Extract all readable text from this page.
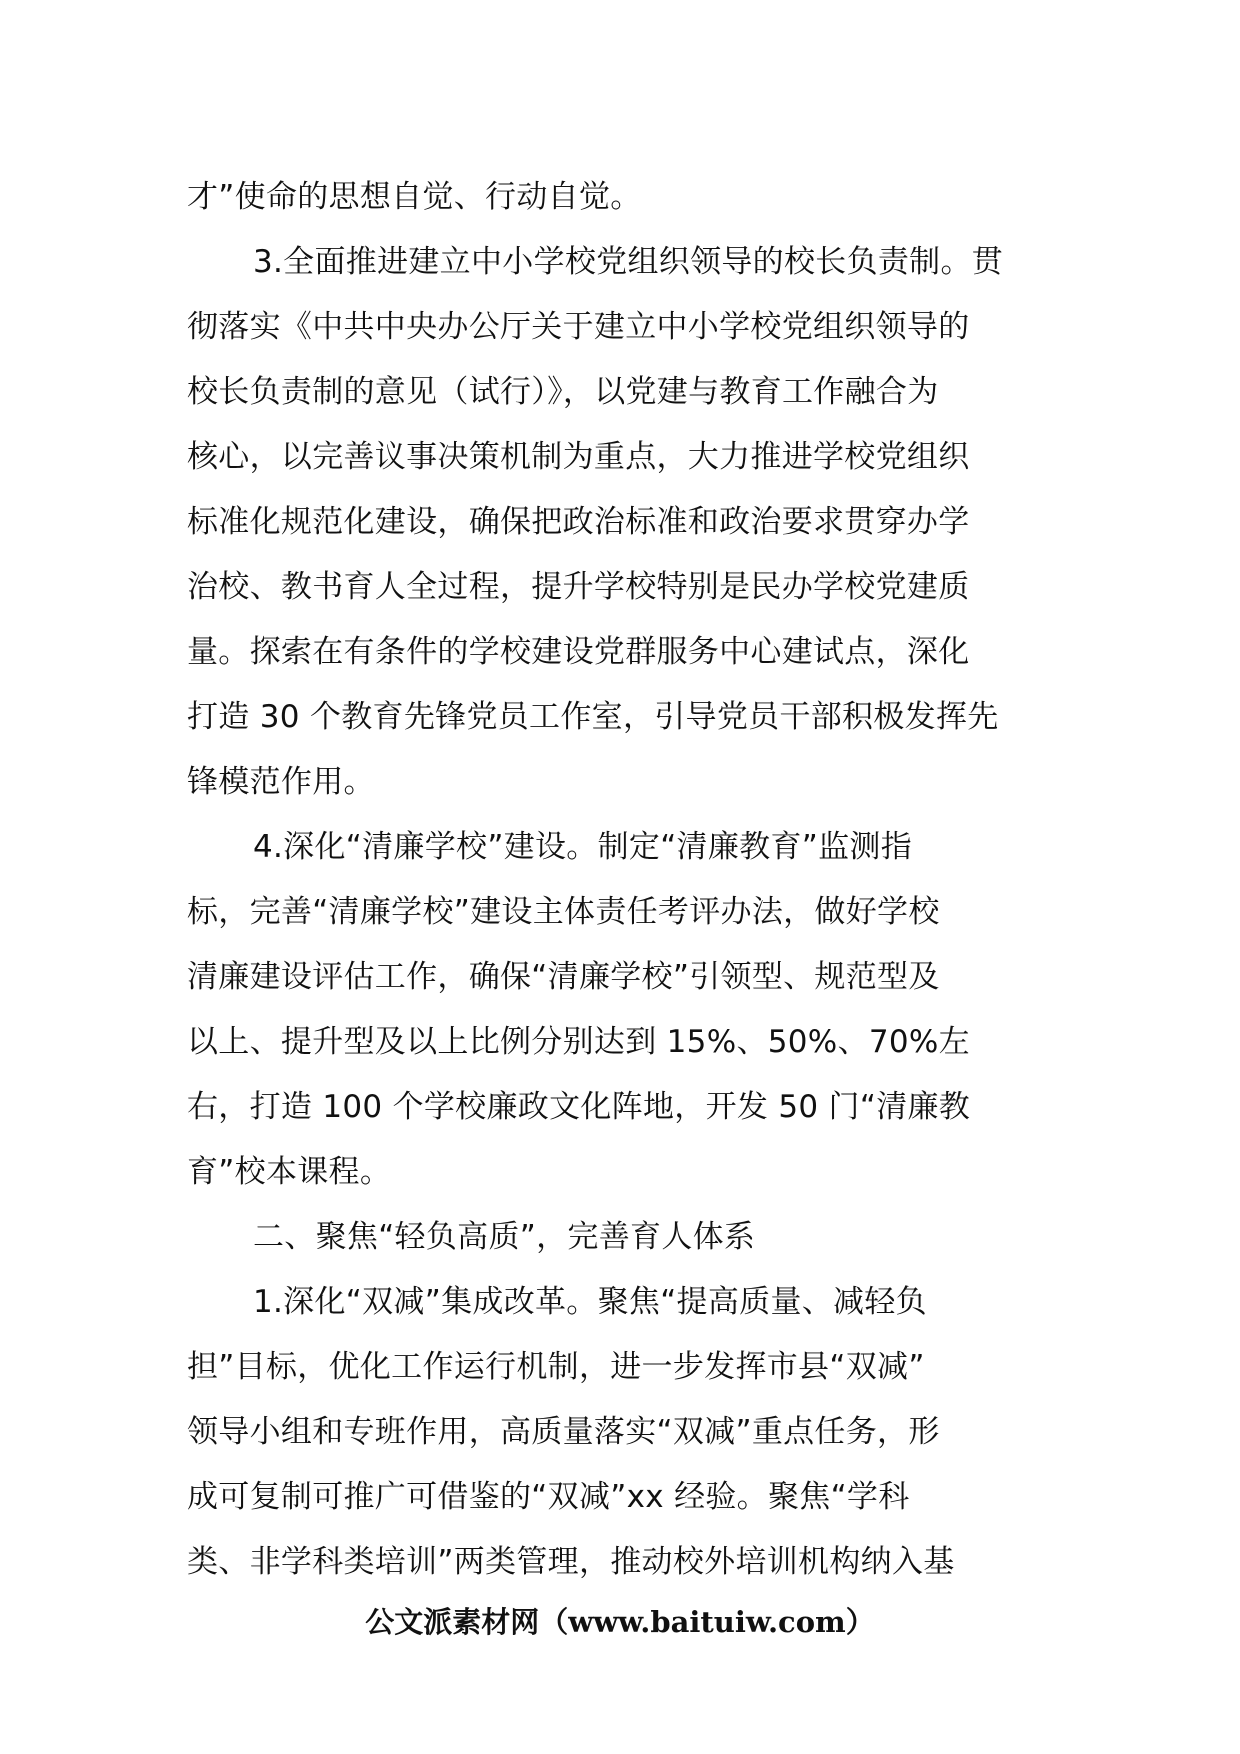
才”使命的思想自觉、行动自觉。
3.全面推进建立中小学校党组织领导的校长负责制。贯
彻落实《中共中央办公厅关于建立中小学校党组织领导的
校长负责制的意见（试行）》，以党建与教育工作融合为
核心，以完善议事决策机制为重点，大力推进学校党组织
标准化规范化建设，确保把政治标准和政治要求贯穿办学
治校、教书育人全过程，提升学校特别是民办学校党建质
量。探索在有条件的学校建设党群服务中心建试点，深化
打造 30 个教育先锋党员工作室，引导党员干部积极发挥先
锋模范作用。
4.深化“清廉学校”建设。制定“清廉教育”监测指
标，完善“清廉学校”建设主体责任考评办法，做好学校
清廉建设评估工作，确保“清廉学校”引领型、规范型及
以上、提升型及以上比例分别达到 15%、50%、70%左
右，打造 100 个学校廉政文化阵地，开发 50 门“清廉教
育”校本课程。
二、聚焦“轻负高质”，完善育人体系
1.深化“双减”集成改革。聚焦“提高质量、减轻负
担”目标，优化工作运行机制，进一步发挥市县“双减”
领导小组和专班作用，高质量落实“双减”重点任务，形
成可复制可推广可借鉴的“双减”xx 经验。聚焦“学科
类、非学科类培训”两类管理，推动校外培训机构纳入基
公文派素材网（www.baituiw.com）
